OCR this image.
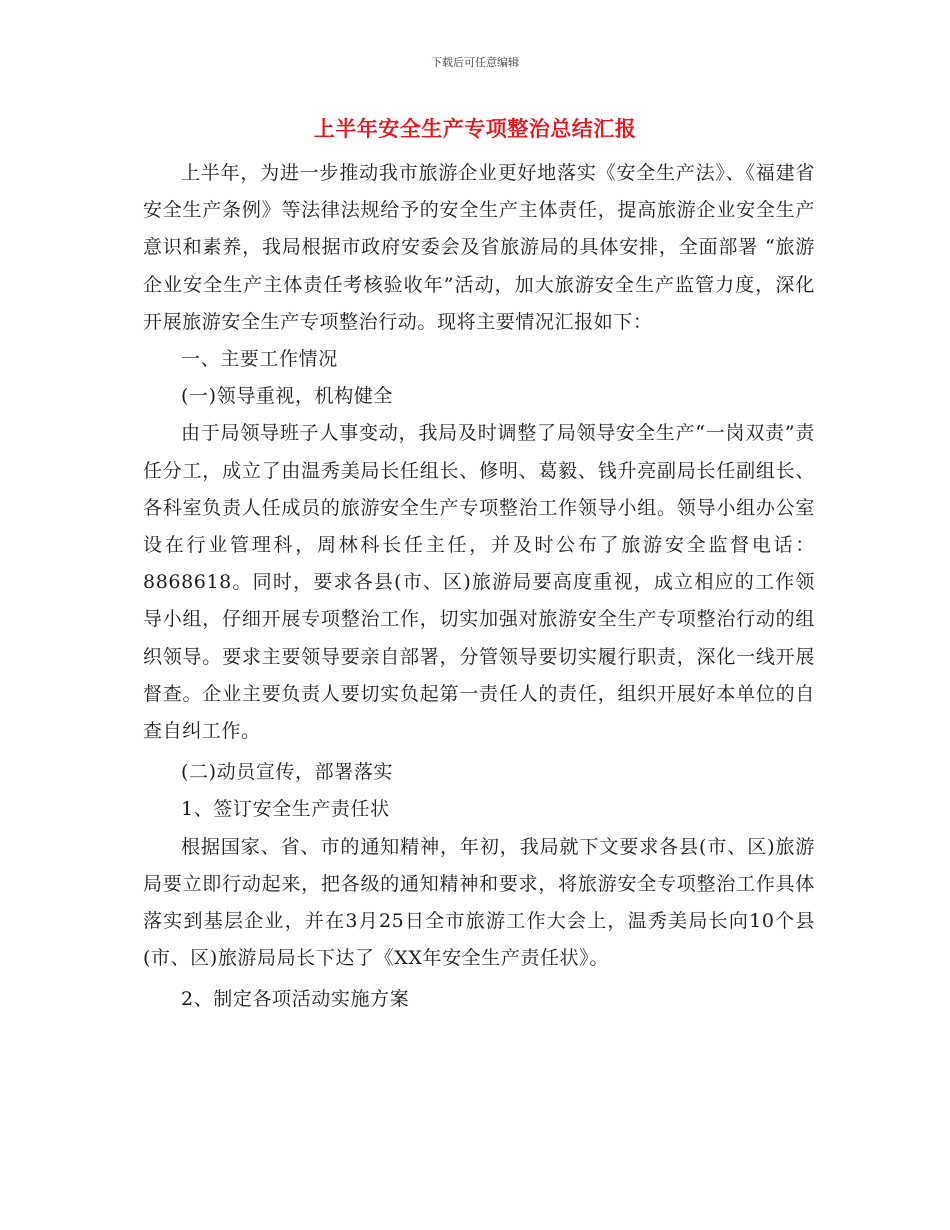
下载后可任意编辑
上半年安全生产专项整治总结汇报

上半年，为进一步推动我市旅游企业更好地落实《安全生产法》、《福建省安全生产条例》等法律法规给予的安全生产主体责任，提高旅游企业安全生产意识和素养，我局根据市政府安委会及省旅游局的具体安排，全面部署 “旅游企业安全生产主体责任考核验收年”活动，加大旅游安全生产监管力度，深化开展旅游安全生产专项整治行动。现将主要情况汇报如下：

一、主要工作情况

(一)领导重视，机构健全

由于局领导班子人事变动，我局及时调整了局领导安全生产“一岗双责”责任分工，成立了由温秀美局长任组长、修明、葛毅、钱升亮副局长任副组长、各科室负责人任成员的旅游安全生产专项整治工作领导小组。领导小组办公室设在行业管理科，周林科长任主任，并及时公布了旅游安全监督电话：8868618。同时，要求各县(市、区)旅游局要高度重视，成立相应的工作领导小组，仔细开展专项整治工作，切实加强对旅游安全生产专项整治行动的组织领导。要求主要领导要亲自部署，分管领导要切实履行职责，深化一线开展督查。企业主要负责人要切实负起第一责任人的责任，组织开展好本单位的自查自纠工作。

(二)动员宣传，部署落实

1、签订安全生产责任状

根据国家、省、市的通知精神，年初，我局就下文要求各县(市、区)旅游局要立即行动起来，把各级的通知精神和要求，将旅游安全专项整治工作具体落实到基层企业，并在3月25日全市旅游工作大会上，温秀美局长向10个县(市、区)旅游局局长下达了《XX年安全生产责任状》。

2、制定各项活动实施方案
